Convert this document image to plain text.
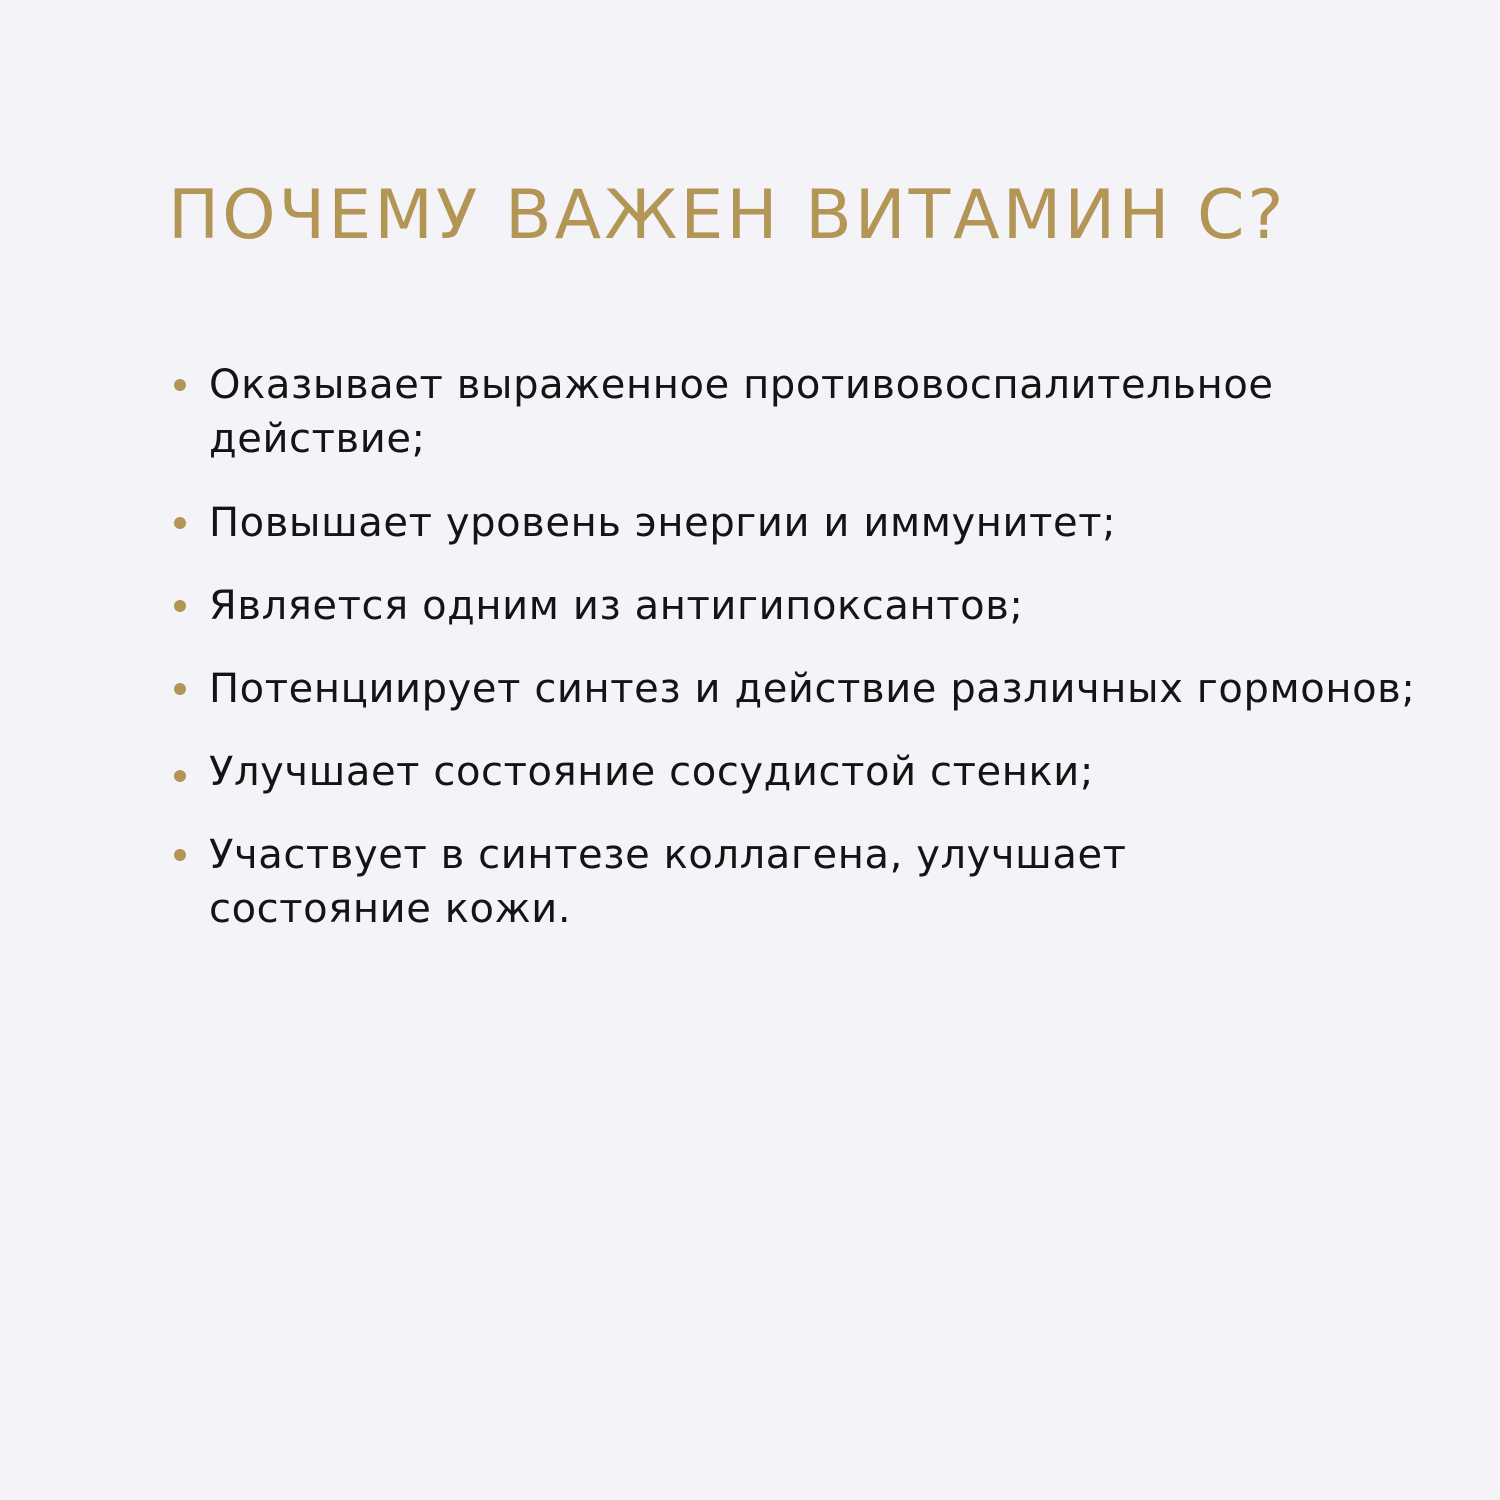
ПОЧЕМУ ВАЖЕН ВИТАМИН С?
Оказывает выраженное противовоспалительное
действие;
Повышает уровень энергии и иммунитет;
Является одним из антигипоксантов;
Потенциирует синтез и действие различных гормонов;
Улучшает состояние сосудистой стенки;
Участвует в синтезе коллагена, улучшает
состояние кожи.
